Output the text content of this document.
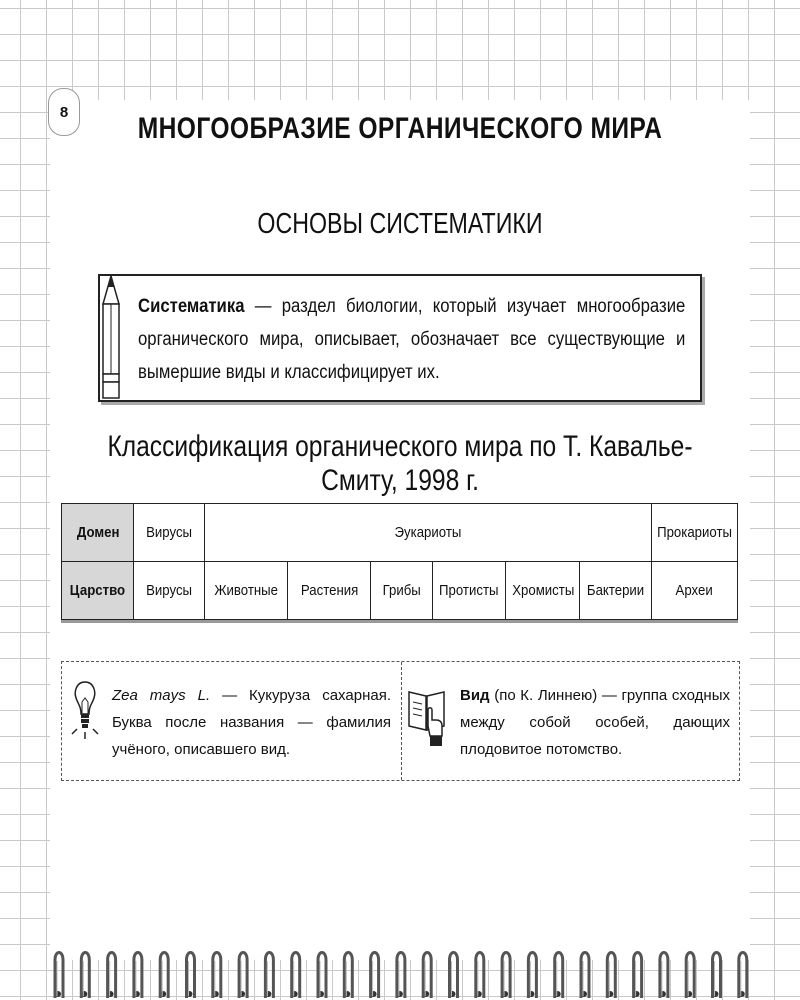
8	МНОГООБРАЗИЕ ОРГАНИЧЕСКОГО МИРА
ОСНОВЫ СИСТЕМАТИКИ
Систематика — раздел биологии, который изучает многообразие органического мира, описывает, обозначает все существующие и вымершие виды и классифицирует их.
Классификация органического мира по Т. Кавалье-Смиту, 1998 г.
Домен	Вирусы	Эукариоты						Прокариоты
Царство	Вирусы	Животные	Растения	Грибы	Протисты	Хромисты	Бактерии	Археи
Zea mays L. — Кукуруза сахарная. Буква после названия — фамилия учёного, описавшего вид.
Вид (по К. Линнею) — группа сходных между собой особей, дающих плодовитое потомство.
